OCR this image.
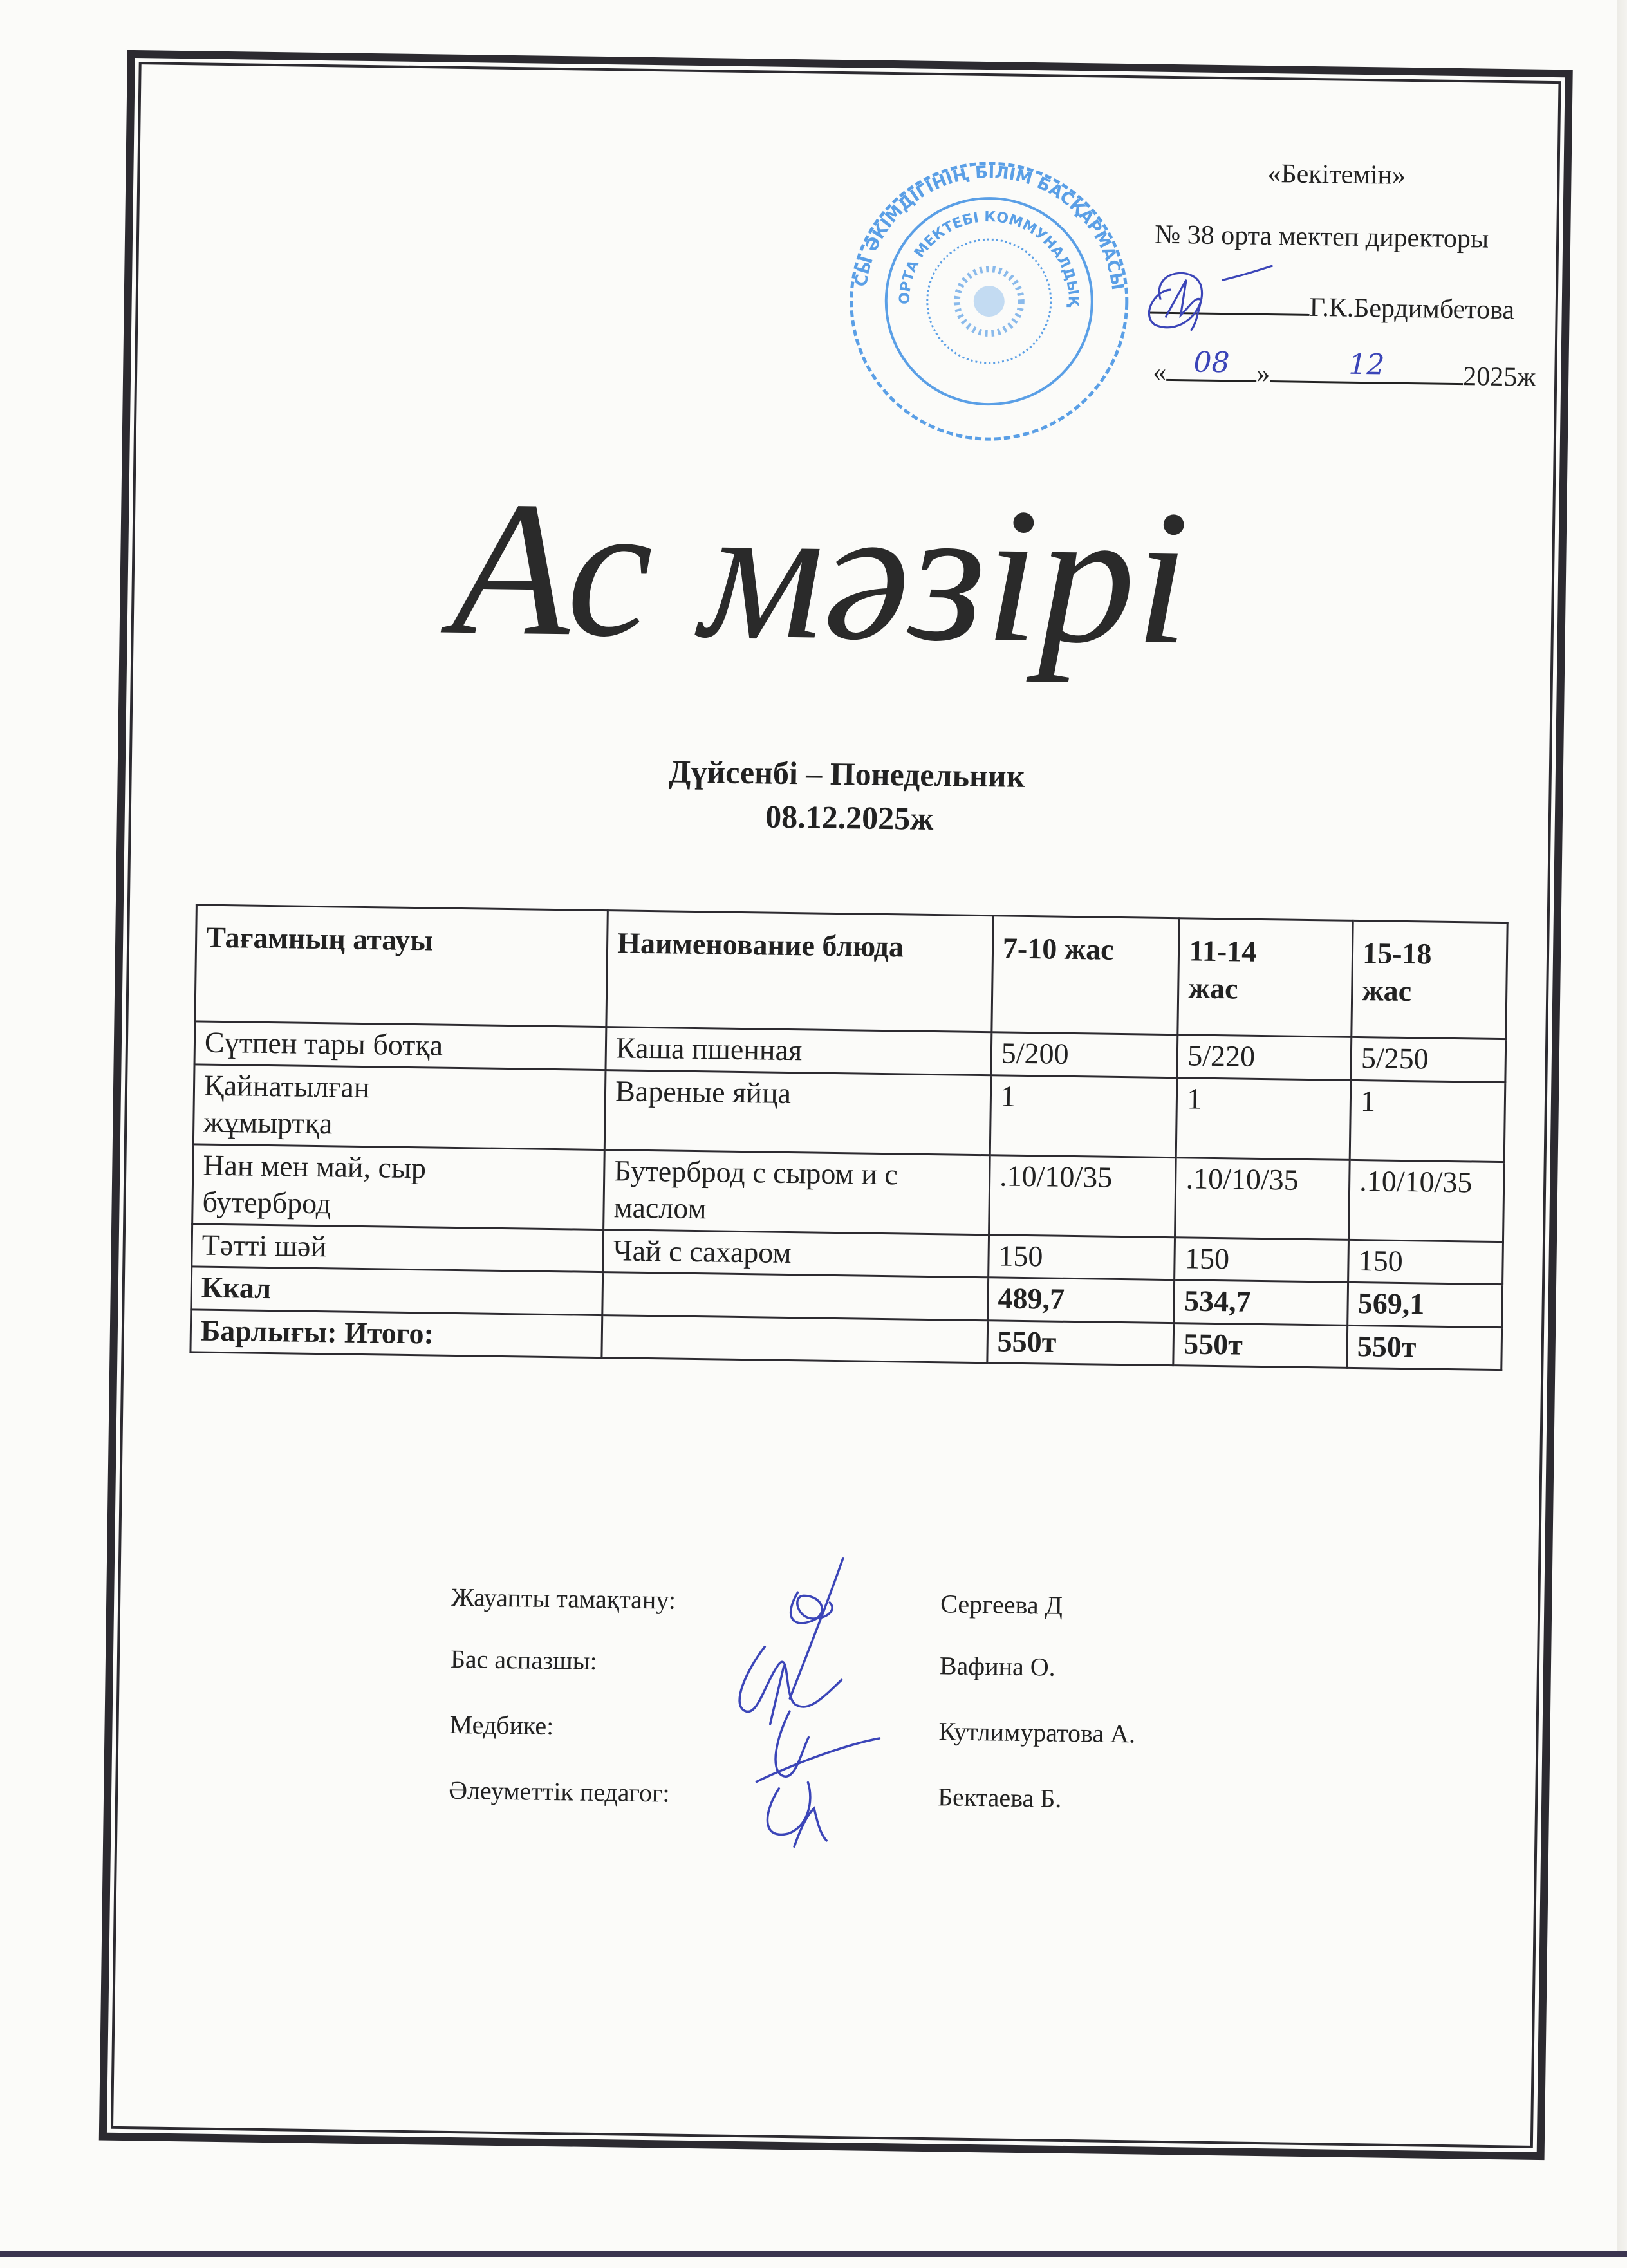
СЫ ӘКІМДІГІНІҢ БІЛІМ БАСҚАРМАСЫ
ОРТА МЕКТЕБІ КОММУНАЛДЫҚ
«Бекітемін»
№ 38 орта мектеп директоры
Г.К.Бердимбетова
« 08 »	12	2025ж
Ас мәзірі
Дүйсенбі – Понедельник
08.12.2025ж
Тағамның атауы	Наименование блюда	7-10 жас	11-14 жас	15-18 жас
Сүтпен тары ботқа	Каша пшенная	5/200	5/220	5/250
Қайнатылған жұмыртқа	Вареные яйца	1	1	1
Нан мен май, сыр бутерброд	Бутерброд с сыром и с маслом	.10/10/35	.10/10/35	.10/10/35
Тәтті шәй	Чай с сахаром	150	150	150
Ккал		489,7	534,7	569,1
Барлығы: Итого:		550т	550т	550т
Жауапты тамақтану:	Сергеева Д
Бас аспазшы:	Вафина О.
Медбике:	Кутлимуратова А.
Әлеуметтік педагог:	Бектаева Б.
